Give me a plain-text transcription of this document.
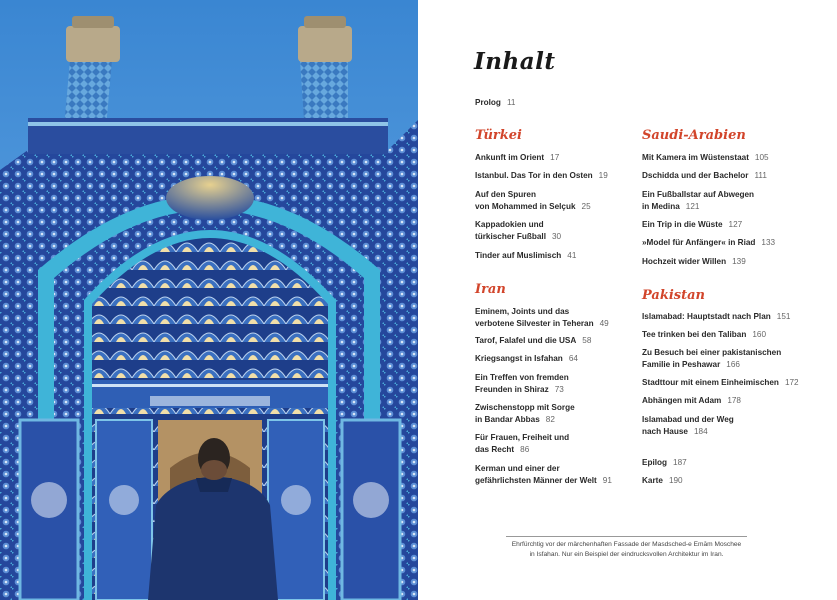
Inhalt
Prolog 11
Türkei
Ankunft im Orient 17
Istanbul. Das Tor in den Osten 19
Auf den Spuren
von Mohammed in Selçuk 25
Kappadokien und
türkischer Fußball 30
Tinder auf Muslimisch 41
Iran
Eminem, Joints und das
verbotene Silvester in Teheran 49
Tarof, Falafel und die USA 58
Kriegsangst in Isfahan 64
Ein Treffen von fremden
Freunden in Shiraz 73
Zwischenstopp mit Sorge
in Bandar Abbas 82
Für Frauen, Freiheit und
das Recht 86
Kerman und einer der
gefährlichsten Männer der Welt 91
Saudi-Arabien
Mit Kamera im Wüstenstaat 105
Dschidda und der Bachelor 111
Ein Fußballstar auf Abwegen
in Medina 121
Ein Trip in die Wüste 127
»Model für Anfänger« in Riad 133
Hochzeit wider Willen 139
Pakistan
Islamabad: Hauptstadt nach Plan 151
Tee trinken bei den Taliban 160
Zu Besuch bei einer pakistanischen
Familie in Peshawar 166
Stadttour mit einem Einheimischen 172
Abhängen mit Adam 178
Islamabad und der Weg
nach Hause 184
Epilog 187
Karte 190
Ehrfürchtig vor der märchenhaften Fassade der Masdsched-e Emām Moschee
in Isfahan. Nur ein Beispiel der eindrucksvollen Architektur im Iran.
